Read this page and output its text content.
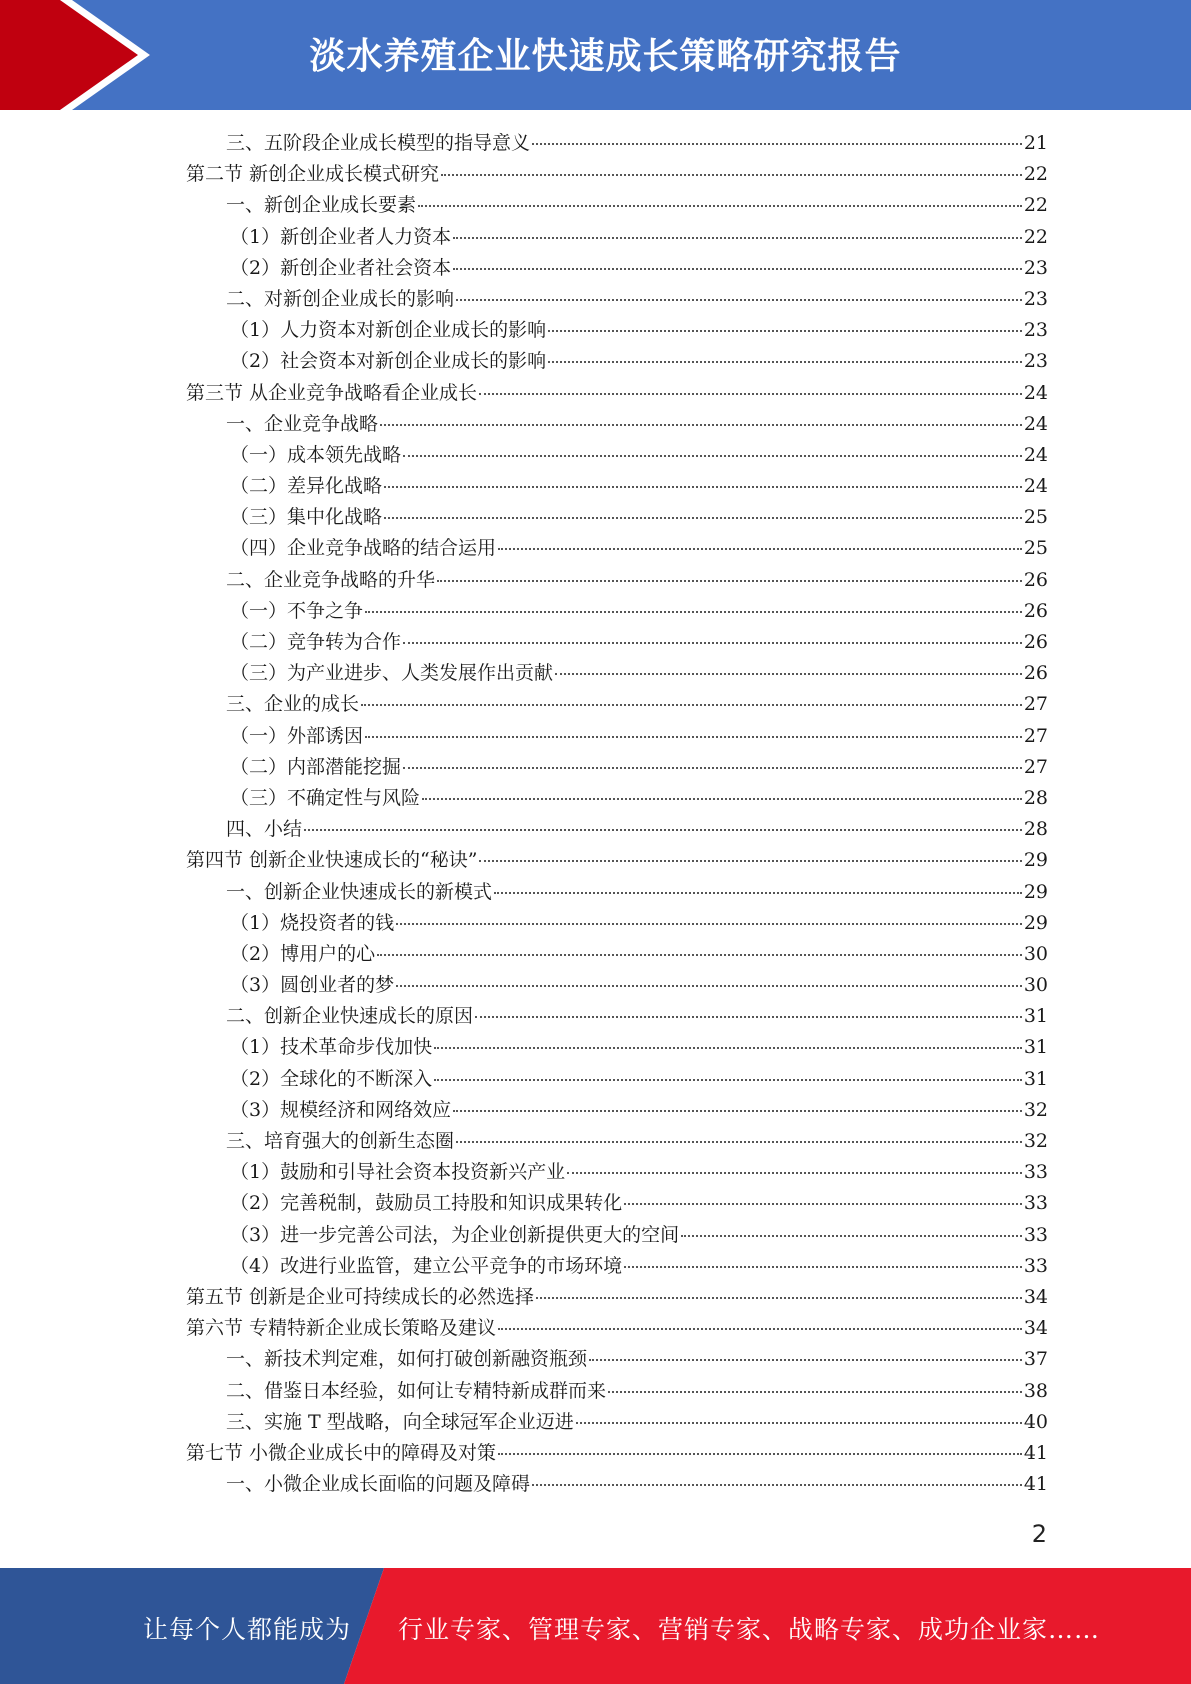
淡水养殖企业快速成长策略研究报告
三、五阶段企业成长模型的指导意义	21
第二节 新创企业成长模式研究	22
一、新创企业成长要素	22
（1）新创企业者人力资本	22
（2）新创企业者社会资本	23
二、对新创企业成长的影响	23
（1）人力资本对新创企业成长的影响	23
（2）社会资本对新创企业成长的影响	23
第三节 从企业竞争战略看企业成长	24
一、企业竞争战略	24
（一）成本领先战略	24
（二）差异化战略	24
（三）集中化战略	25
（四）企业竞争战略的结合运用	25
二、企业竞争战略的升华	26
（一）不争之争	26
（二）竞争转为合作	26
（三）为产业进步、人类发展作出贡献	26
三、企业的成长	27
（一）外部诱因	27
（二）内部潜能挖掘	27
（三）不确定性与风险	28
四、小结	28
第四节 创新企业快速成长的“秘诀”	29
一、创新企业快速成长的新模式	29
（1）烧投资者的钱	29
（2）博用户的心	30
（3）圆创业者的梦	30
二、创新企业快速成长的原因	31
（1）技术革命步伐加快	31
（2）全球化的不断深入	31
（3）规模经济和网络效应	32
三、培育强大的创新生态圈	32
（1）鼓励和引导社会资本投资新兴产业	33
（2）完善税制，鼓励员工持股和知识成果转化	33
（3）进一步完善公司法，为企业创新提供更大的空间	33
（4）改进行业监管，建立公平竞争的市场环境	33
第五节 创新是企业可持续成长的必然选择	34
第六节 专精特新企业成长策略及建议	34
一、新技术判定难，如何打破创新融资瓶颈	37
二、借鉴日本经验，如何让专精特新成群而来	38
三、实施 T 型战略，向全球冠军企业迈进	40
第七节 小微企业成长中的障碍及对策	41
一、小微企业成长面临的问题及障碍	41
2
让每个人都能成为 行业专家、管理专家、营销专家、战略专家、成功企业家……
